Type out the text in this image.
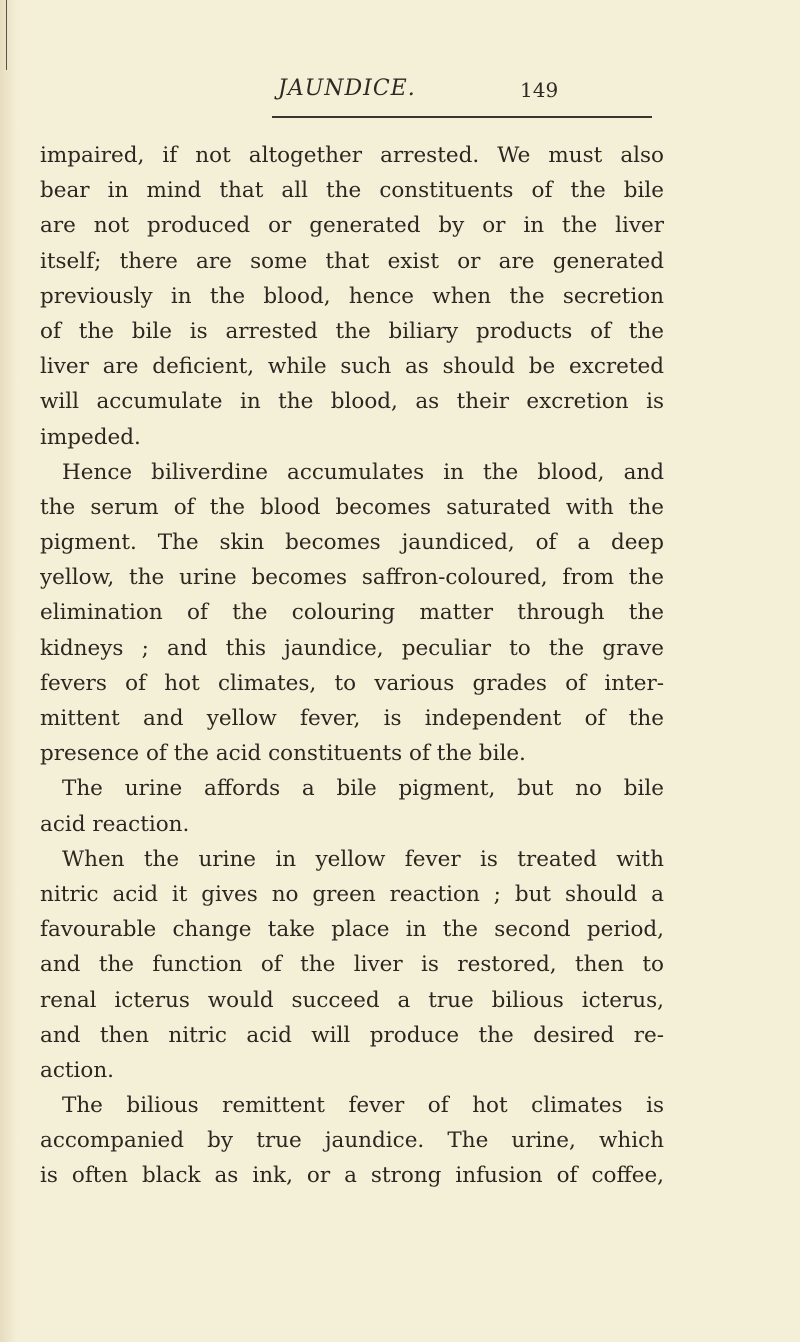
JAUNDICE.	149
impaired, if not altogether arrested. We must also
bear in mind that all the constituents of the bile
are not produced or generated by or in the liver
itself; there are some that exist or are generated
previously in the blood, hence when the secretion
of the bile is arrested the biliary products of the
liver are deficient, while such as should be excreted
will accumulate in the blood, as their excretion is
impeded.
Hence biliverdine accumulates in the blood, and
the serum of the blood becomes saturated with the
pigment. The skin becomes jaundiced, of a deep
yellow, the urine becomes saffron-coloured, from the
elimination of the colouring matter through the
kidneys ; and this jaundice, peculiar to the grave
fevers of hot climates, to various grades of inter-
mittent and yellow fever, is independent of the
presence of the acid constituents of the bile.
The urine affords a bile pigment, but no bile
acid reaction.
When the urine in yellow fever is treated with
nitric acid it gives no green reaction ; but should a
favourable change take place in the second period,
and the function of the liver is restored, then to
renal icterus would succeed a true bilious icterus,
and then nitric acid will produce the desired re-
action.
The bilious remittent fever of hot climates is
accompanied by true jaundice. The urine, which
is often black as ink, or a strong infusion of coffee,
